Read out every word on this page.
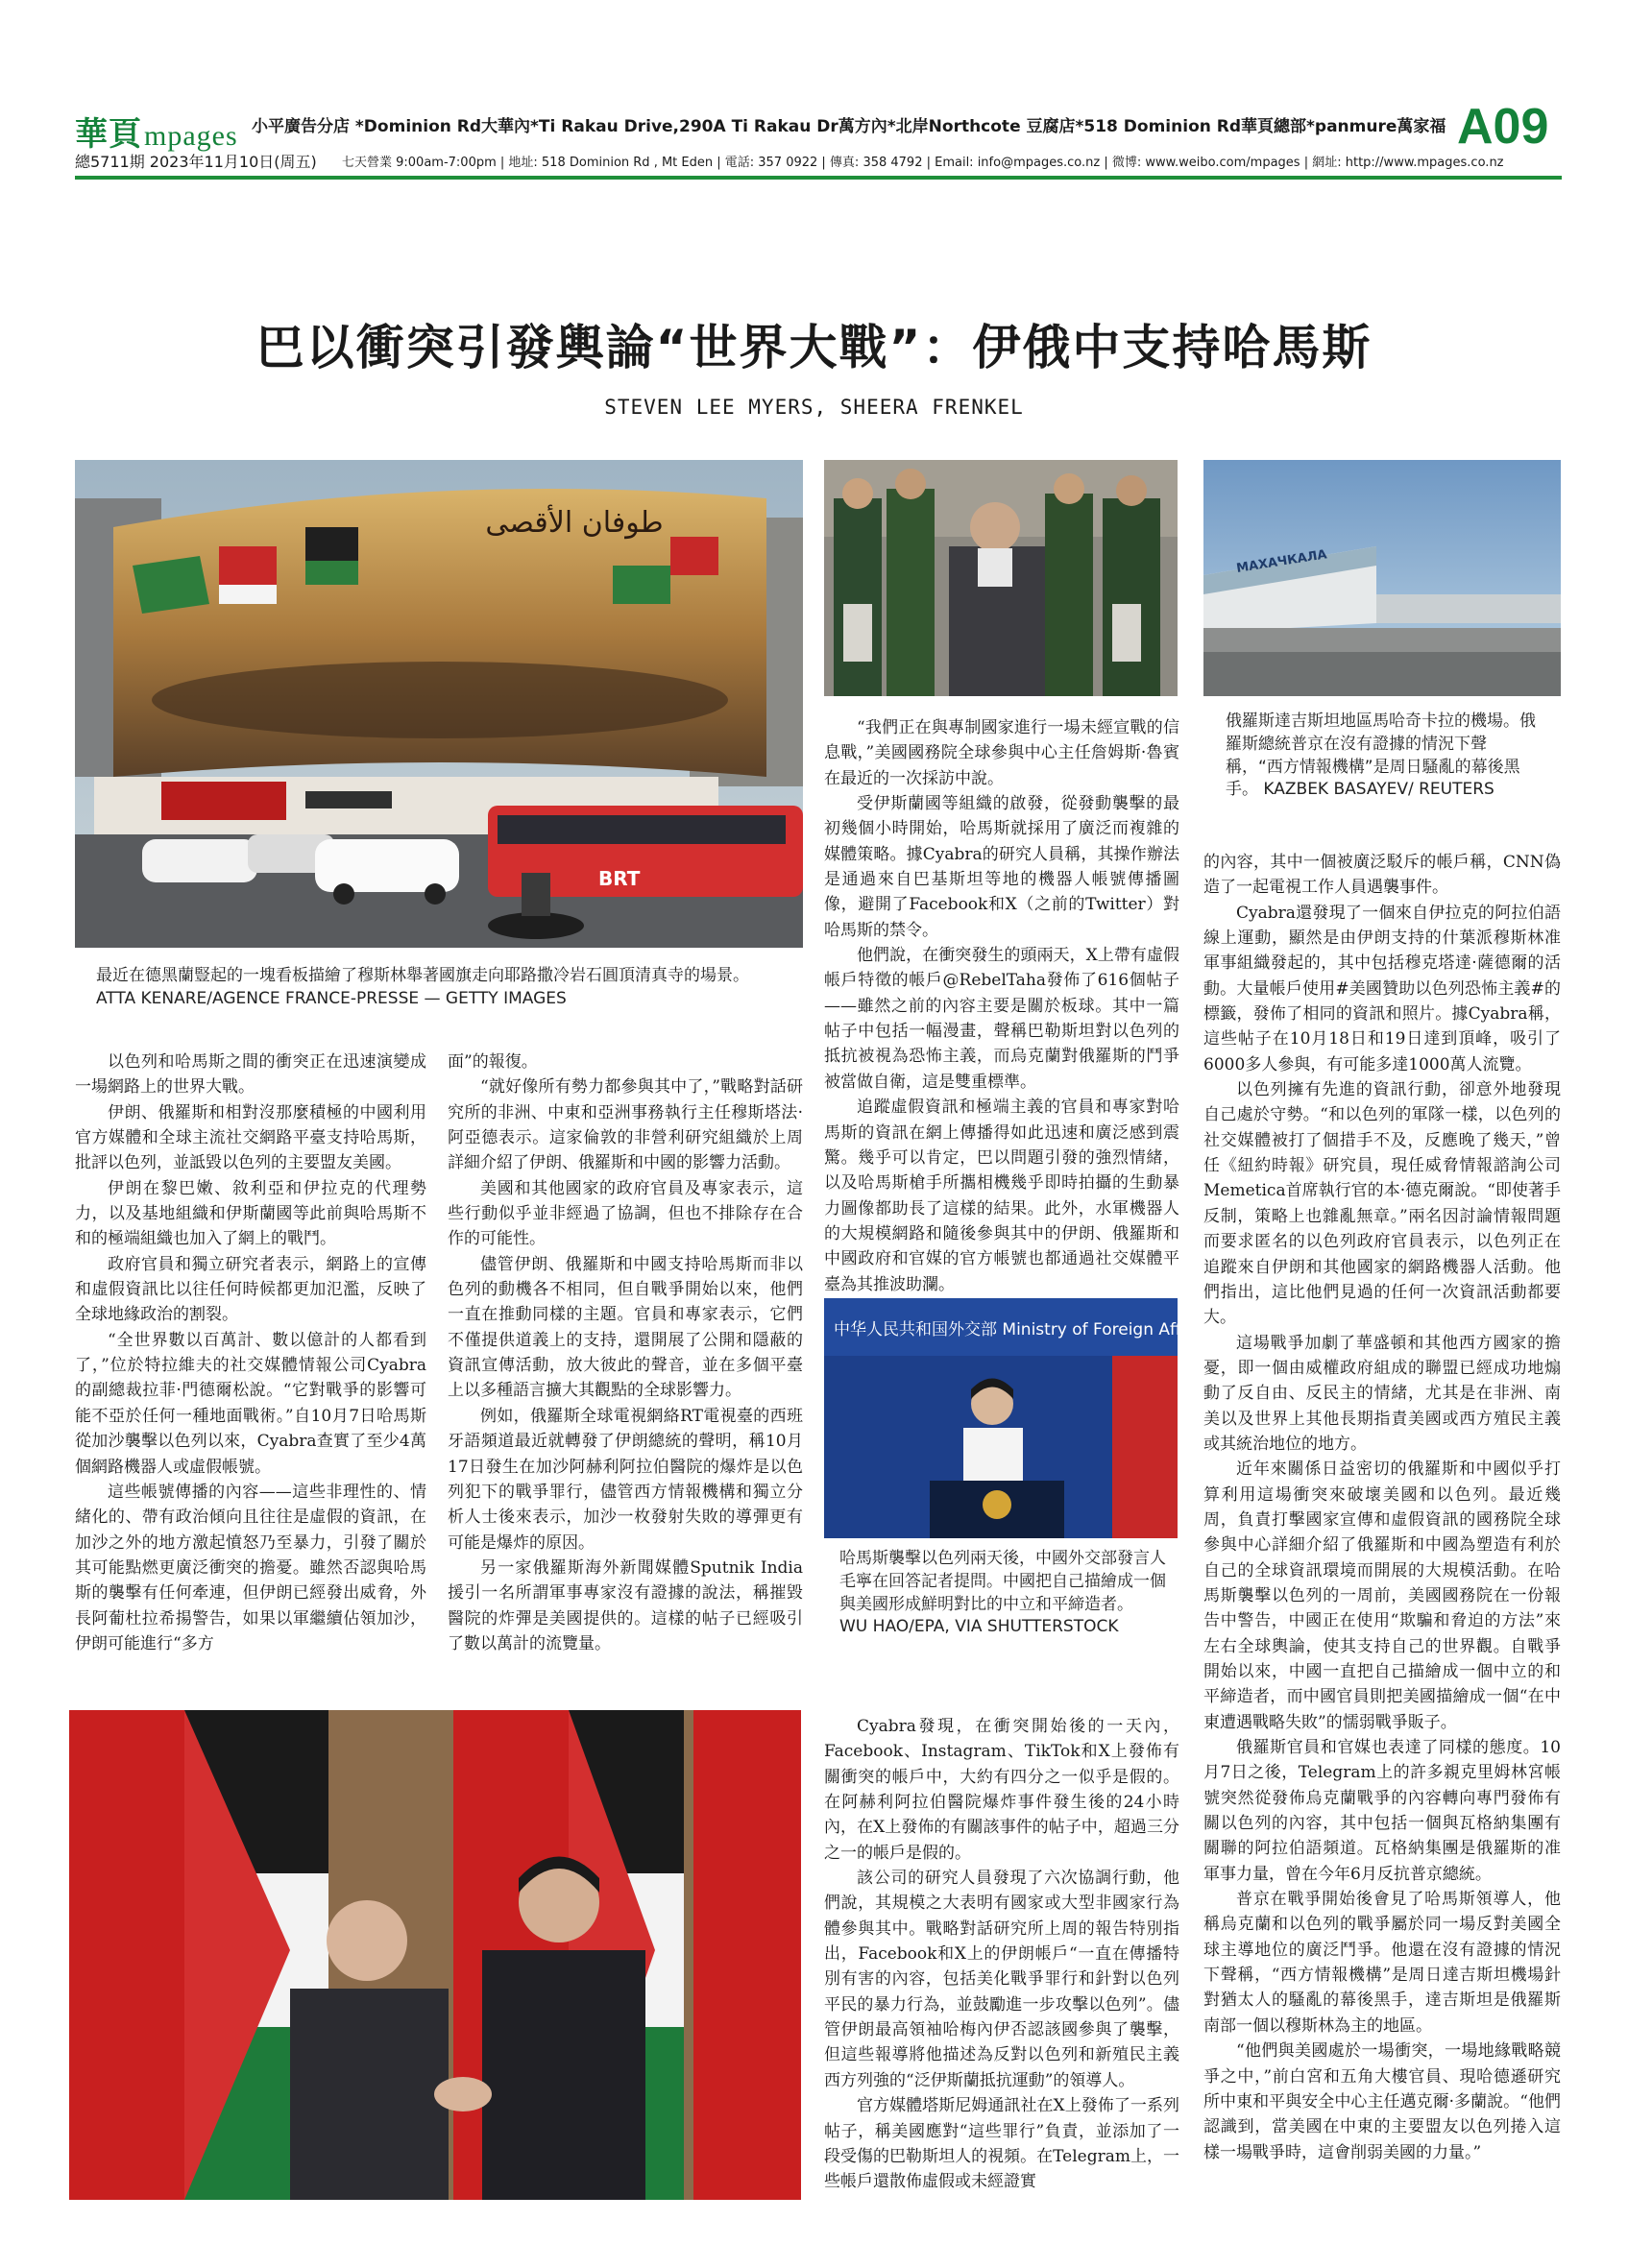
華頁mpages 小平廣告分店 *Dominion Rd大華內*Ti Rakau Drive,290A Ti Rakau Dr萬方內*北岸Northcote 豆腐店*518 Dominion Rd華頁總部*panmure萬家福
總5711期 2023年11月10日(周五) 七天營業 9:00am-7:00pm | 地址: 518 Dominion Rd , Mt Eden | 電話: 357 0922 | 傳真: 358 4792 | Email: info@mpages.co.nz | 微博: www.weibo.com/mpages | 網址: http://www.mpages.co.nz
A09
巴以衝突引發輿論“世界大戰”：伊俄中支持哈馬斯
STEVEN LEE MYERS, SHEERA FRENKEL
طوفان الأقصى
BRT
МАХАЧКАЛА
中华人民共和国外交部 Ministry of Foreign Affairs
最近在德黑蘭豎起的一塊看板描繪了穆斯林舉著國旗走向耶路撒冷岩石圓頂清真寺的場景。 ATTA KENARE/AGENCE FRANCE-PRESSE — GETTY IMAGES
俄羅斯達吉斯坦地區馬哈奇卡拉的機場。俄羅斯總統普京在沒有證據的情況下聲稱，“西方情報機構”是周日騷亂的幕後黑手。 KAZBEK BASAYEV/ REUTERS
哈馬斯襲擊以色列兩天後，中國外交部發言人毛寧在回答記者提問。中國把自己描繪成一個與美國形成鮮明對比的中立和平締造者。 WU HAO/EPA, VIA SHUTTERSTOCK

以色列和哈馬斯之間的衝突正在迅速演變成一場網路上的世界大戰。

伊朗、俄羅斯和相對沒那麼積極的中國利用官方媒體和全球主流社交網路平臺支持哈馬斯，批評以色列，並詆毀以色列的主要盟友美國。

伊朗在黎巴嫩、敘利亞和伊拉克的代理勢力，以及基地組織和伊斯蘭國等此前與哈馬斯不和的極端組織也加入了網上的戰鬥。

政府官員和獨立研究者表示，網路上的宣傳和虛假資訊比以往任何時候都更加氾濫，反映了全球地緣政治的割裂。

“全世界數以百萬計、數以億計的人都看到了，”位於特拉維夫的社交媒體情報公司Cyabra的副總裁拉菲·門德爾松說。“它對戰爭的影響可能不亞於任何一種地面戰術。”自10月7日哈馬斯從加沙襲擊以色列以來，Cyabra查實了至少4萬個網路機器人或虛假帳號。

這些帳號傳播的內容——這些非理性的、情緒化的、帶有政治傾向且往往是虛假的資訊，在加沙之外的地方激起憤怒乃至暴力，引發了關於其可能點燃更廣泛衝突的擔憂。雖然否認與哈馬斯的襲擊有任何牽連，但伊朗已經發出威脅，外長阿葡杜拉希揚警告，如果以軍繼續佔領加沙，伊朗可能進行“多方

面”的報復。

“就好像所有勢力都參與其中了，”戰略對話研究所的非洲、中東和亞洲事務執行主任穆斯塔法·阿亞德表示。這家倫敦的非營利研究組織於上周詳細介紹了伊朗、俄羅斯和中國的影響力活動。

美國和其他國家的政府官員及專家表示，這些行動似乎並非經過了協調，但也不排除存在合作的可能性。

儘管伊朗、俄羅斯和中國支持哈馬斯而非以色列的動機各不相同，但自戰爭開始以來，他們一直在推動同樣的主題。官員和專家表示，它們不僅提供道義上的支持，還開展了公開和隱蔽的資訊宣傳活動，放大彼此的聲音，並在多個平臺上以多種語言擴大其觀點的全球影響力。

例如，俄羅斯全球電視網絡RT電視臺的西班牙語頻道最近就轉發了伊朗總統的聲明，稱10月17日發生在加沙阿赫利阿拉伯醫院的爆炸是以色列犯下的戰爭罪行，儘管西方情報機構和獨立分析人士後來表示，加沙一枚發射失敗的導彈更有可能是爆炸的原因。

另一家俄羅斯海外新聞媒體Sputnik India援引一名所謂軍事專家沒有證據的說法，稱摧毀醫院的炸彈是美國提供的。這樣的帖子已經吸引了數以萬計的流覽量。

“我們正在與專制國家進行一場未經宣戰的信息戰，”美國國務院全球參與中心主任詹姆斯·魯賓在最近的一次採訪中說。

受伊斯蘭國等組織的啟發，從發動襲擊的最初幾個小時開始，哈馬斯就採用了廣泛而複雜的媒體策略。據Cyabra的研究人員稱，其操作辦法是通過來自巴基斯坦等地的機器人帳號傳播圖像，避開了Facebook和X（之前的Twitter）對哈馬斯的禁令。

他們說，在衝突發生的頭兩天，X上帶有虛假帳戶特徵的帳戶@RebelTaha發佈了616個帖子——雖然之前的內容主要是關於板球。其中一篇帖子中包括一幅漫畫，聲稱巴勒斯坦對以色列的抵抗被視為恐怖主義，而烏克蘭對俄羅斯的鬥爭被當做自衛，這是雙重標準。

追蹤虛假資訊和極端主義的官員和專家對哈馬斯的資訊在網上傳播得如此迅速和廣泛感到震驚。幾乎可以肯定，巴以問題引發的強烈情緒，以及哈馬斯槍手所攜相機幾乎即時拍攝的生動暴力圖像都助長了這樣的結果。此外，水軍機器人的大規模網路和隨後參與其中的伊朗、俄羅斯和中國政府和官媒的官方帳號也都通過社交媒體平臺為其推波助瀾。

Cyabra發現，在衝突開始後的一天內，Facebook、Instagram、TikTok和X上發佈有關衝突的帳戶中，大約有四分之一似乎是假的。在阿赫利阿拉伯醫院爆炸事件發生後的24小時內，在X上發佈的有關該事件的帖子中，超過三分之一的帳戶是假的。

該公司的研究人員發現了六次協調行動，他們說，其規模之大表明有國家或大型非國家行為體參與其中。戰略對話研究所上周的報告特別指出，Facebook和X上的伊朗帳戶“一直在傳播特別有害的內容，包括美化戰爭罪行和針對以色列平民的暴力行為，並鼓勵進一步攻擊以色列”。儘管伊朗最高領袖哈梅內伊否認該國參與了襲擊，但這些報導將他描述為反對以色列和新殖民主義西方列強的“泛伊斯蘭抵抗運動”的領導人。

官方媒體塔斯尼姆通訊社在X上發佈了一系列帖子，稱美國應對“這些罪行”負責，並添加了一段受傷的巴勒斯坦人的視頻。在Telegram上，一些帳戶還散佈虛假或未經證實

的內容，其中一個被廣泛駁斥的帳戶稱，CNN偽造了一起電視工作人員遇襲事件。

Cyabra還發現了一個來自伊拉克的阿拉伯語線上運動，顯然是由伊朗支持的什葉派穆斯林准軍事組織發起的，其中包括穆克塔達·薩德爾的活動。大量帳戶使用#美國贊助以色列恐怖主義#的標籤，發佈了相同的資訊和照片。據Cyabra稱，這些帖子在10月18日和19日達到頂峰，吸引了6000多人參與，有可能多達1000萬人流覽。

以色列擁有先進的資訊行動，卻意外地發現自己處於守勢。“和以色列的軍隊一樣，以色列的社交媒體被打了個措手不及，反應晚了幾天，”曾任《紐約時報》研究員，現任威脅情報諮詢公司Memetica首席執行官的本·德克爾說。“即使著手反制，策略上也雜亂無章。”兩名因討論情報問題而要求匿名的以色列政府官員表示，以色列正在追蹤來自伊朗和其他國家的網路機器人活動。他們指出，這比他們見過的任何一次資訊活動都要大。

這場戰爭加劇了華盛頓和其他西方國家的擔憂，即一個由威權政府組成的聯盟已經成功地煽動了反自由、反民主的情緒，尤其是在非洲、南美以及世界上其他長期指責美國或西方殖民主義或其統治地位的地方。

近年來關係日益密切的俄羅斯和中國似乎打算利用這場衝突來破壞美國和以色列。最近幾周，負責打擊國家宣傳和虛假資訊的國務院全球參與中心詳細介紹了俄羅斯和中國為塑造有利於自己的全球資訊環境而開展的大規模活動。在哈馬斯襲擊以色列的一周前，美國國務院在一份報告中警告，中國正在使用“欺騙和脅迫的方法”來左右全球輿論，使其支持自己的世界觀。自戰爭開始以來，中國一直把自己描繪成一個中立的和平締造者，而中國官員則把美國描繪成一個“在中東遭遇戰略失敗”的懦弱戰爭販子。

俄羅斯官員和官媒也表達了同樣的態度。10月7日之後，Telegram上的許多親克里姆林宮帳號突然從發佈烏克蘭戰爭的內容轉向專門發佈有關以色列的內容，其中包括一個與瓦格納集團有關聯的阿拉伯語頻道。瓦格納集團是俄羅斯的准軍事力量，曾在今年6月反抗普京總統。

普京在戰爭開始後會見了哈馬斯領導人，他稱烏克蘭和以色列的戰爭屬於同一場反對美國全球主導地位的廣泛鬥爭。他還在沒有證據的情況下聲稱，“西方情報機構”是周日達吉斯坦機場針對猶太人的騷亂的幕後黑手，達吉斯坦是俄羅斯南部一個以穆斯林為主的地區。

“他們與美國處於一場衝突，一場地緣戰略競爭之中，”前白宮和五角大樓官員、現哈德遜研究所中東和平與安全中心主任邁克爾·多蘭說。“他們認識到，當美國在中東的主要盟友以色列捲入這樣一場戰爭時，這會削弱美國的力量。”
